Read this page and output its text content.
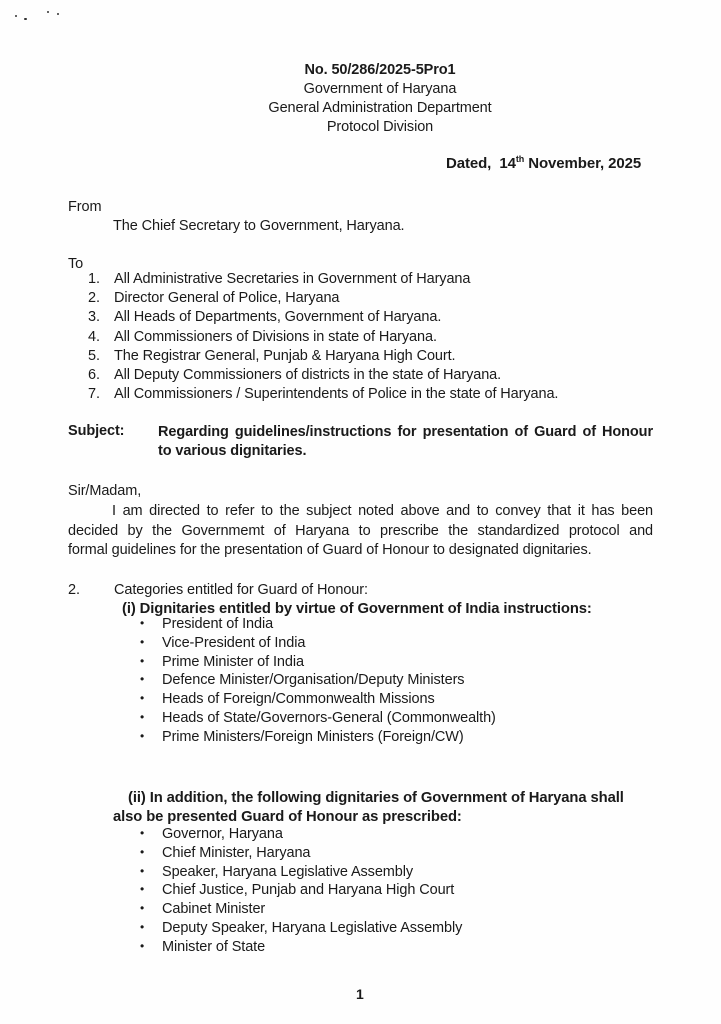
No. 50/286/2025-5Pro1
Government of Haryana
General Administration Department
Protocol Division
Dated, 14th November, 2025
From
The Chief Secretary to Government, Haryana.
To
1. All Administrative Secretaries in Government of Haryana
2. Director General of Police, Haryana
3. All Heads of Departments, Government of Haryana.
4. All Commissioners of Divisions in state of Haryana.
5. The Registrar General, Punjab & Haryana High Court.
6. All Deputy Commissioners of districts in the state of Haryana.
7. All Commissioners / Superintendents of Police in the state of Haryana.
Subject: Regarding guidelines/instructions for presentation of Guard of Honour to various dignitaries.
Sir/Madam,
I am directed to refer to the subject noted above and to convey that it has been
decided by the Governmemt of Haryana to prescribe the standardized protocol and
formal guidelines for the presentation of Guard of Honour to designated dignitaries.
2. Categories entitled for Guard of Honour:
(i) Dignitaries entitled by virtue of Government of India instructions:
• President of India
• Vice-President of India
• Prime Minister of India
• Defence Minister/Organisation/Deputy Ministers
• Heads of Foreign/Commonwealth Missions
• Heads of State/Governors-General (Commonwealth)
• Prime Ministers/Foreign Ministers (Foreign/CW)
(ii) In addition, the following dignitaries of Government of Haryana shall
also be presented Guard of Honour as prescribed:
• Governor, Haryana
• Chief Minister, Haryana
• Speaker, Haryana Legislative Assembly
• Chief Justice, Punjab and Haryana High Court
• Cabinet Minister
• Deputy Speaker, Haryana Legislative Assembly
• Minister of State
1
